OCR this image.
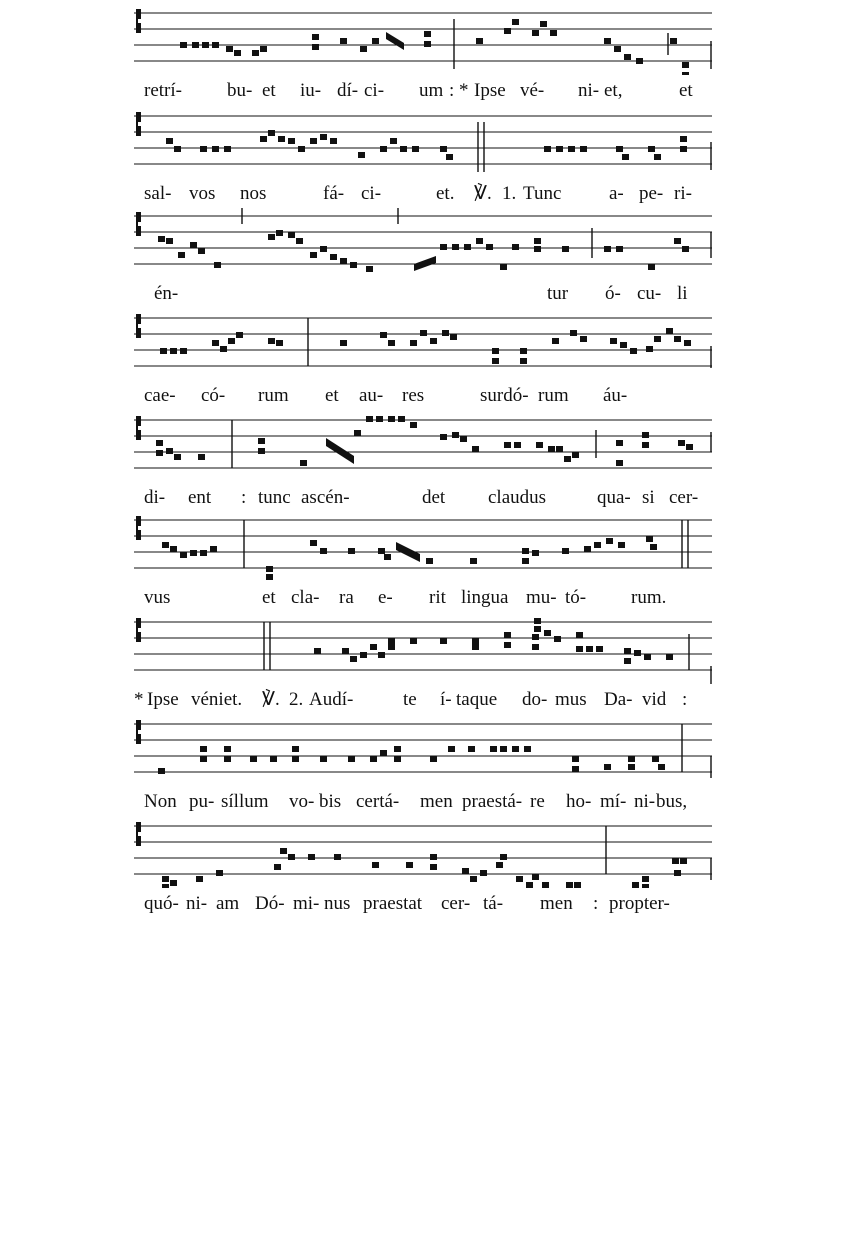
retrí-

bu-

et

iu-

dí-

ci-

um

:

*

Ipse

vé-

ni-

et,

	et

sal-

vos

nos

	fá-

ci-

	et.

℣.

1.

Tunc

	a-

pe-

ri-

én-

	tur

ó-

cu-

li

cae-

có-

rum

et

au-

res

	surdó-

rum

áu-

di-

ent

:

tunc

ascén-

	det

claudus

	qua-

si

cer-

vus

	et

cla-

ra

e-

rit

lingua

mu-

tó-

rum.

*

Ipse

véniet.

℣.

2.

Audí-

	te

í-

taque

do-

mus

Da-

vid

:

Non

pu-

síllum

vo-

bis

certá-

men

praestá-

re

ho-

mí-

ni-

bus,

quó-

ni-

am

Dó-

mi-

nus

praestat

cer-

tá-

men

:

propter-
